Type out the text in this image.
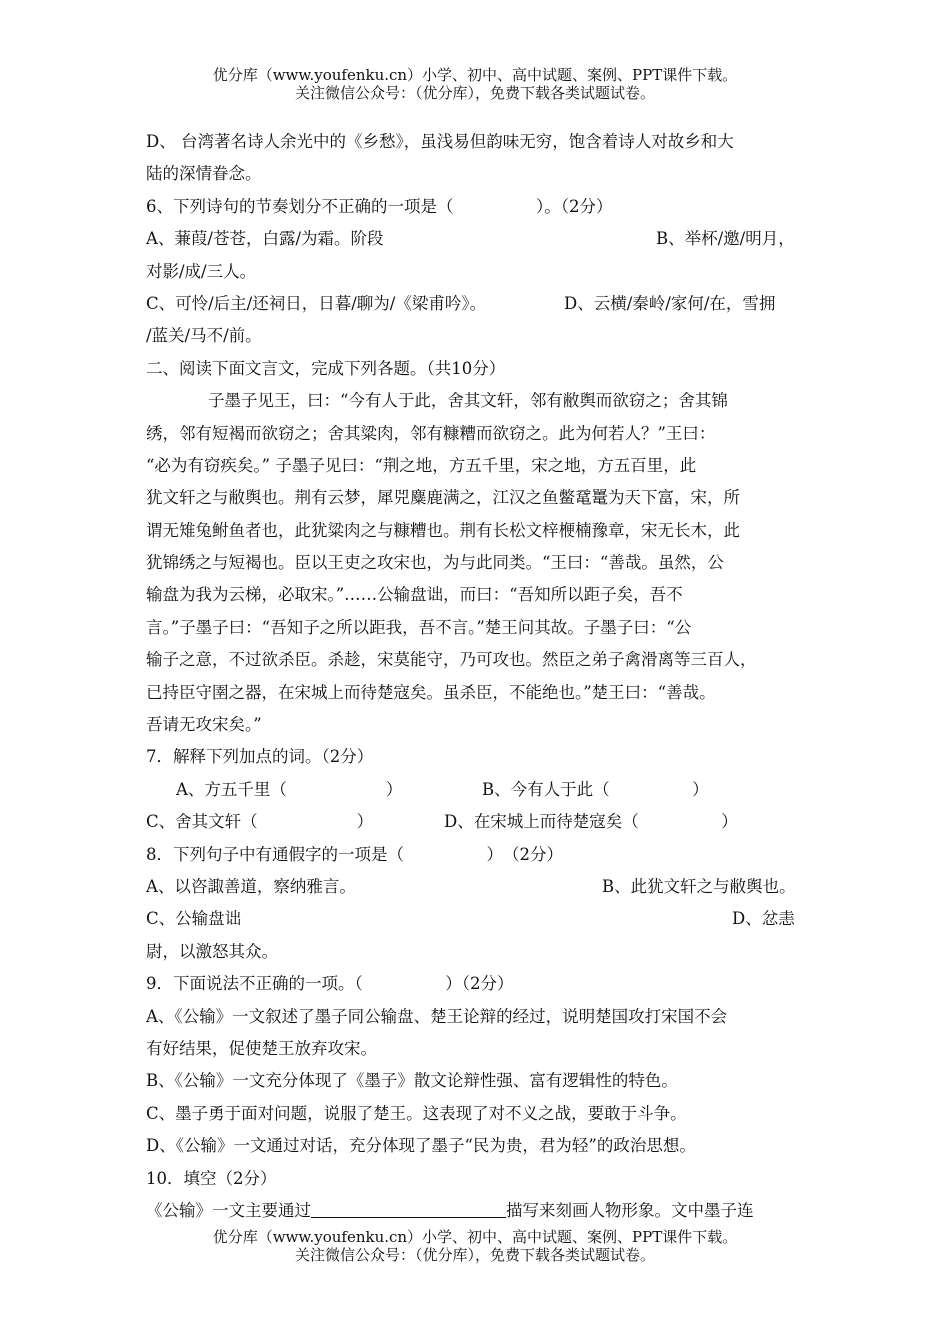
优分库（www.youfenku.cn）小学、初中、高中试题、案例、PPT课件下载。
关注微信公众号：（优分库），免费下载各类试题试卷。
D、 台湾著名诗人余光中的《乡愁》，虽浅易但韵味无穷，饱含着诗人对故乡和大
陆的深情眷念。
6、下列诗句的节奏划分不正确的一项是（　　　　　）。（2分）
A、蒹葭/苍苍，白露/为霜。阶段	B、举杯/邀/明月，
对影/成/三人。
C、可怜/后主/还祠日，日暮/聊为/《梁甫吟》。	D、云横/秦岭/家何/在，雪拥
/蓝关/马不/前。
二、阅读下面文言文，完成下列各题。（共10分）
子墨子见王，曰：“今有人于此，舍其文轩，邻有敝舆而欲窃之；舍其锦
绣，邻有短褐而欲窃之；舍其粱肉，邻有糠糟而欲窃之。此为何若人？”王曰：
“必为有窃疾矣。” 子墨子见曰：“荆之地，方五千里，宋之地，方五百里，此
犹文轩之与敝舆也。荆有云梦，犀兕麋鹿满之，江汉之鱼鳖鼋鼍为天下富，宋，所
谓无雉兔鲋鱼者也，此犹粱肉之与糠糟也。荆有长松文梓楩楠豫章，宋无长木，此
犹锦绣之与短褐也。臣以王吏之攻宋也，为与此同类。“王曰：“善哉。虽然，公
输盘为我为云梯，必取宋。”……公输盘诎，而曰：“吾知所以距子矣，吾不
言。”子墨子曰：“吾知子之所以距我，吾不言。”楚王问其故。子墨子曰：“公
输子之意，不过欲杀臣。杀趁，宋莫能守，乃可攻也。然臣之弟子禽滑离等三百人，
已持臣守圉之器，在宋城上而待楚寇矣。虽杀臣，不能绝也。”楚王曰：“善哉。
吾请无攻宋矣。”
7．解释下列加点的词。（2分）
A、方五千里（　　　　　　）	B、今有人于此（　　　　　）
C、舍其文轩（　　　　　　）	D、在宋城上而待楚寇矣（　　　　　）
8．下列句子中有通假字的一项是（　　　　　）　（2分）
A、以咨諏善道，察纳雅言。	B、此犹文轩之与敝舆也。
C、公输盘诎	D、忿恚
尉，以激怒其众。
9．下面说法不正确的一项。（　　　　　）（2分）
A、《公输》一文叙述了墨子同公输盘、楚王论辩的经过，说明楚国攻打宋国不会
有好结果，促使楚王放弃攻宋。
B、《公输》一文充分体现了《墨子》散文论辩性强、富有逻辑性的特色。
C、墨子勇于面对问题，说服了楚王。这表现了对不义之战，要敢于斗争。
D、《公输》一文通过对话，充分体现了墨子“民为贵，君为轻”的政治思想。
10．填空（2分）
《公输》一文主要通过	描写来刻画人物形象。文中墨子连
优分库（www.youfenku.cn）小学、初中、高中试题、案例、PPT课件下载。
关注微信公众号：（优分库），免费下载各类试题试卷。
